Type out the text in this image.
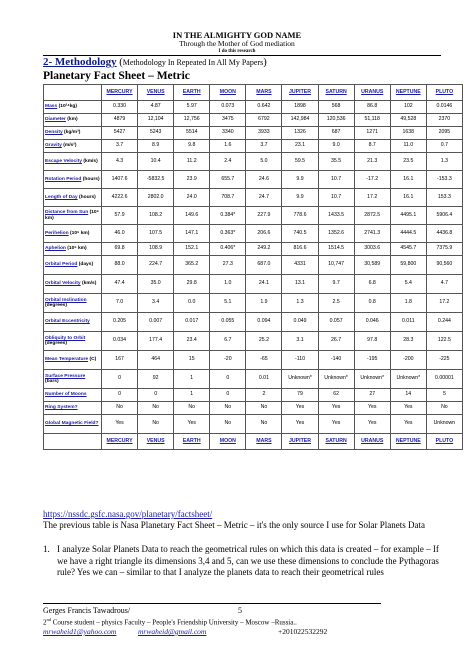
IN THE ALMIGHTY GOD NAME
Through the Mother of God mediation
I do this research
2- Methodology (Methodology In Repeated In All My Papers)
Planetary Fact Sheet – Metric
	MERCURY	VENUS	EARTH	MOON	MARS	JUPITER	SATURN	URANUS	NEPTUNE	PLUTO
Mass (10²⁴kg)	0.330	4.87	5.97	0.073	0.642	1898	568	86.8	102	0.0146
Diameter (km)	4879	12,104	12,756	3475	6792	142,984	120,536	51,118	49,528	2370
Density (kg/m³)	5427	5243	5514	3340	3933	1326	687	1271	1638	2095
Gravity (m/s²)	3.7	8.9	9.8	1.6	3.7	23.1	9.0	8.7	11.0	0.7
Escape Velocity (km/s)	4.3	10.4	11.2	2.4	5.0	59.5	35.5	21.3	23.5	1.3
Rotation Period (hours)	1407.6	-5832.5	23.9	655.7	24.6	9.9	10.7	-17.2	16.1	-153.3
Length of Day (hours)	4222.6	2802.0	24.0	708.7	24.7	9.9	10.7	17.2	16.1	153.3
Distance from Sun (10⁶ km)	57.9	108.2	149.6	0.384*	227.9	778.6	1433.5	2872.5	4495.1	5906.4
Perihelion (10⁶ km)	46.0	107.5	147.1	0.363*	206.6	740.5	1352.6	2741.3	4444.5	4436.8
Aphelion (10⁶ km)	69.8	108.9	152.1	0.406*	249.2	816.6	1514.5	3003.6	4545.7	7375.9
Orbital Period (days)	88.0	224.7	365.2	27.3	687.0	4331	10,747	30,589	59,800	90,560
Orbital Velocity (km/s)	47.4	35.0	29.8	1.0	24.1	13.1	9.7	6.8	5.4	4.7
Orbital Inclination (degrees)	7.0	3.4	0.0	5.1	1.9	1.3	2.5	0.8	1.8	17.2
Orbital Eccentricity	0.205	0.007	0.017	0.055	0.094	0.049	0.057	0.046	0.011	0.244
Obliquity to Orbit (degrees)	0.034	177.4	23.4	6.7	25.2	3.1	26.7	97.8	28.3	122.5
Mean Temperature (C)	167	464	15	-20	-65	-110	-140	-195	-200	-225
Surface Pressure (bars)	0	92	1	0	0.01	Unknown*	Unknown*	Unknown*	Unknown*	0.00001
Number of Moons	0	0	1	0	2	79	62	27	14	5
Ring System?	No	No	No	No	No	Yes	Yes	Yes	Yes	No
Global Magnetic Field?	Yes	No	Yes	No	No	Yes	Yes	Yes	Yes	Unknown
	MERCURY	VENUS	EARTH	MOON	MARS	JUPITER	SATURN	URANUS	NEPTUNE	PLUTO
https://nssdc.gsfc.nasa.gov/planetary/factsheet/
The previous table is Nasa Planetary Fact Sheet – Metric – it's the only source I use for Solar Planets Data
1. I analyze Solar Planets Data to reach the geometrical rules on which this data is created – for example – If we have a right triangle its dimensions 3,4 and 5, can we use these dimensions to conclude the Pythagoras rule? Yes we can – similar to that I analyze the planets data to reach their geometrical rules
Gerges Francis Tawadrous/	5
2nd Course student – physics Faculty – People's Friendship University – Moscow –Russia..
mrwaheid1@yahoo.com	mrwaheid@gmail.com	+201022532292
